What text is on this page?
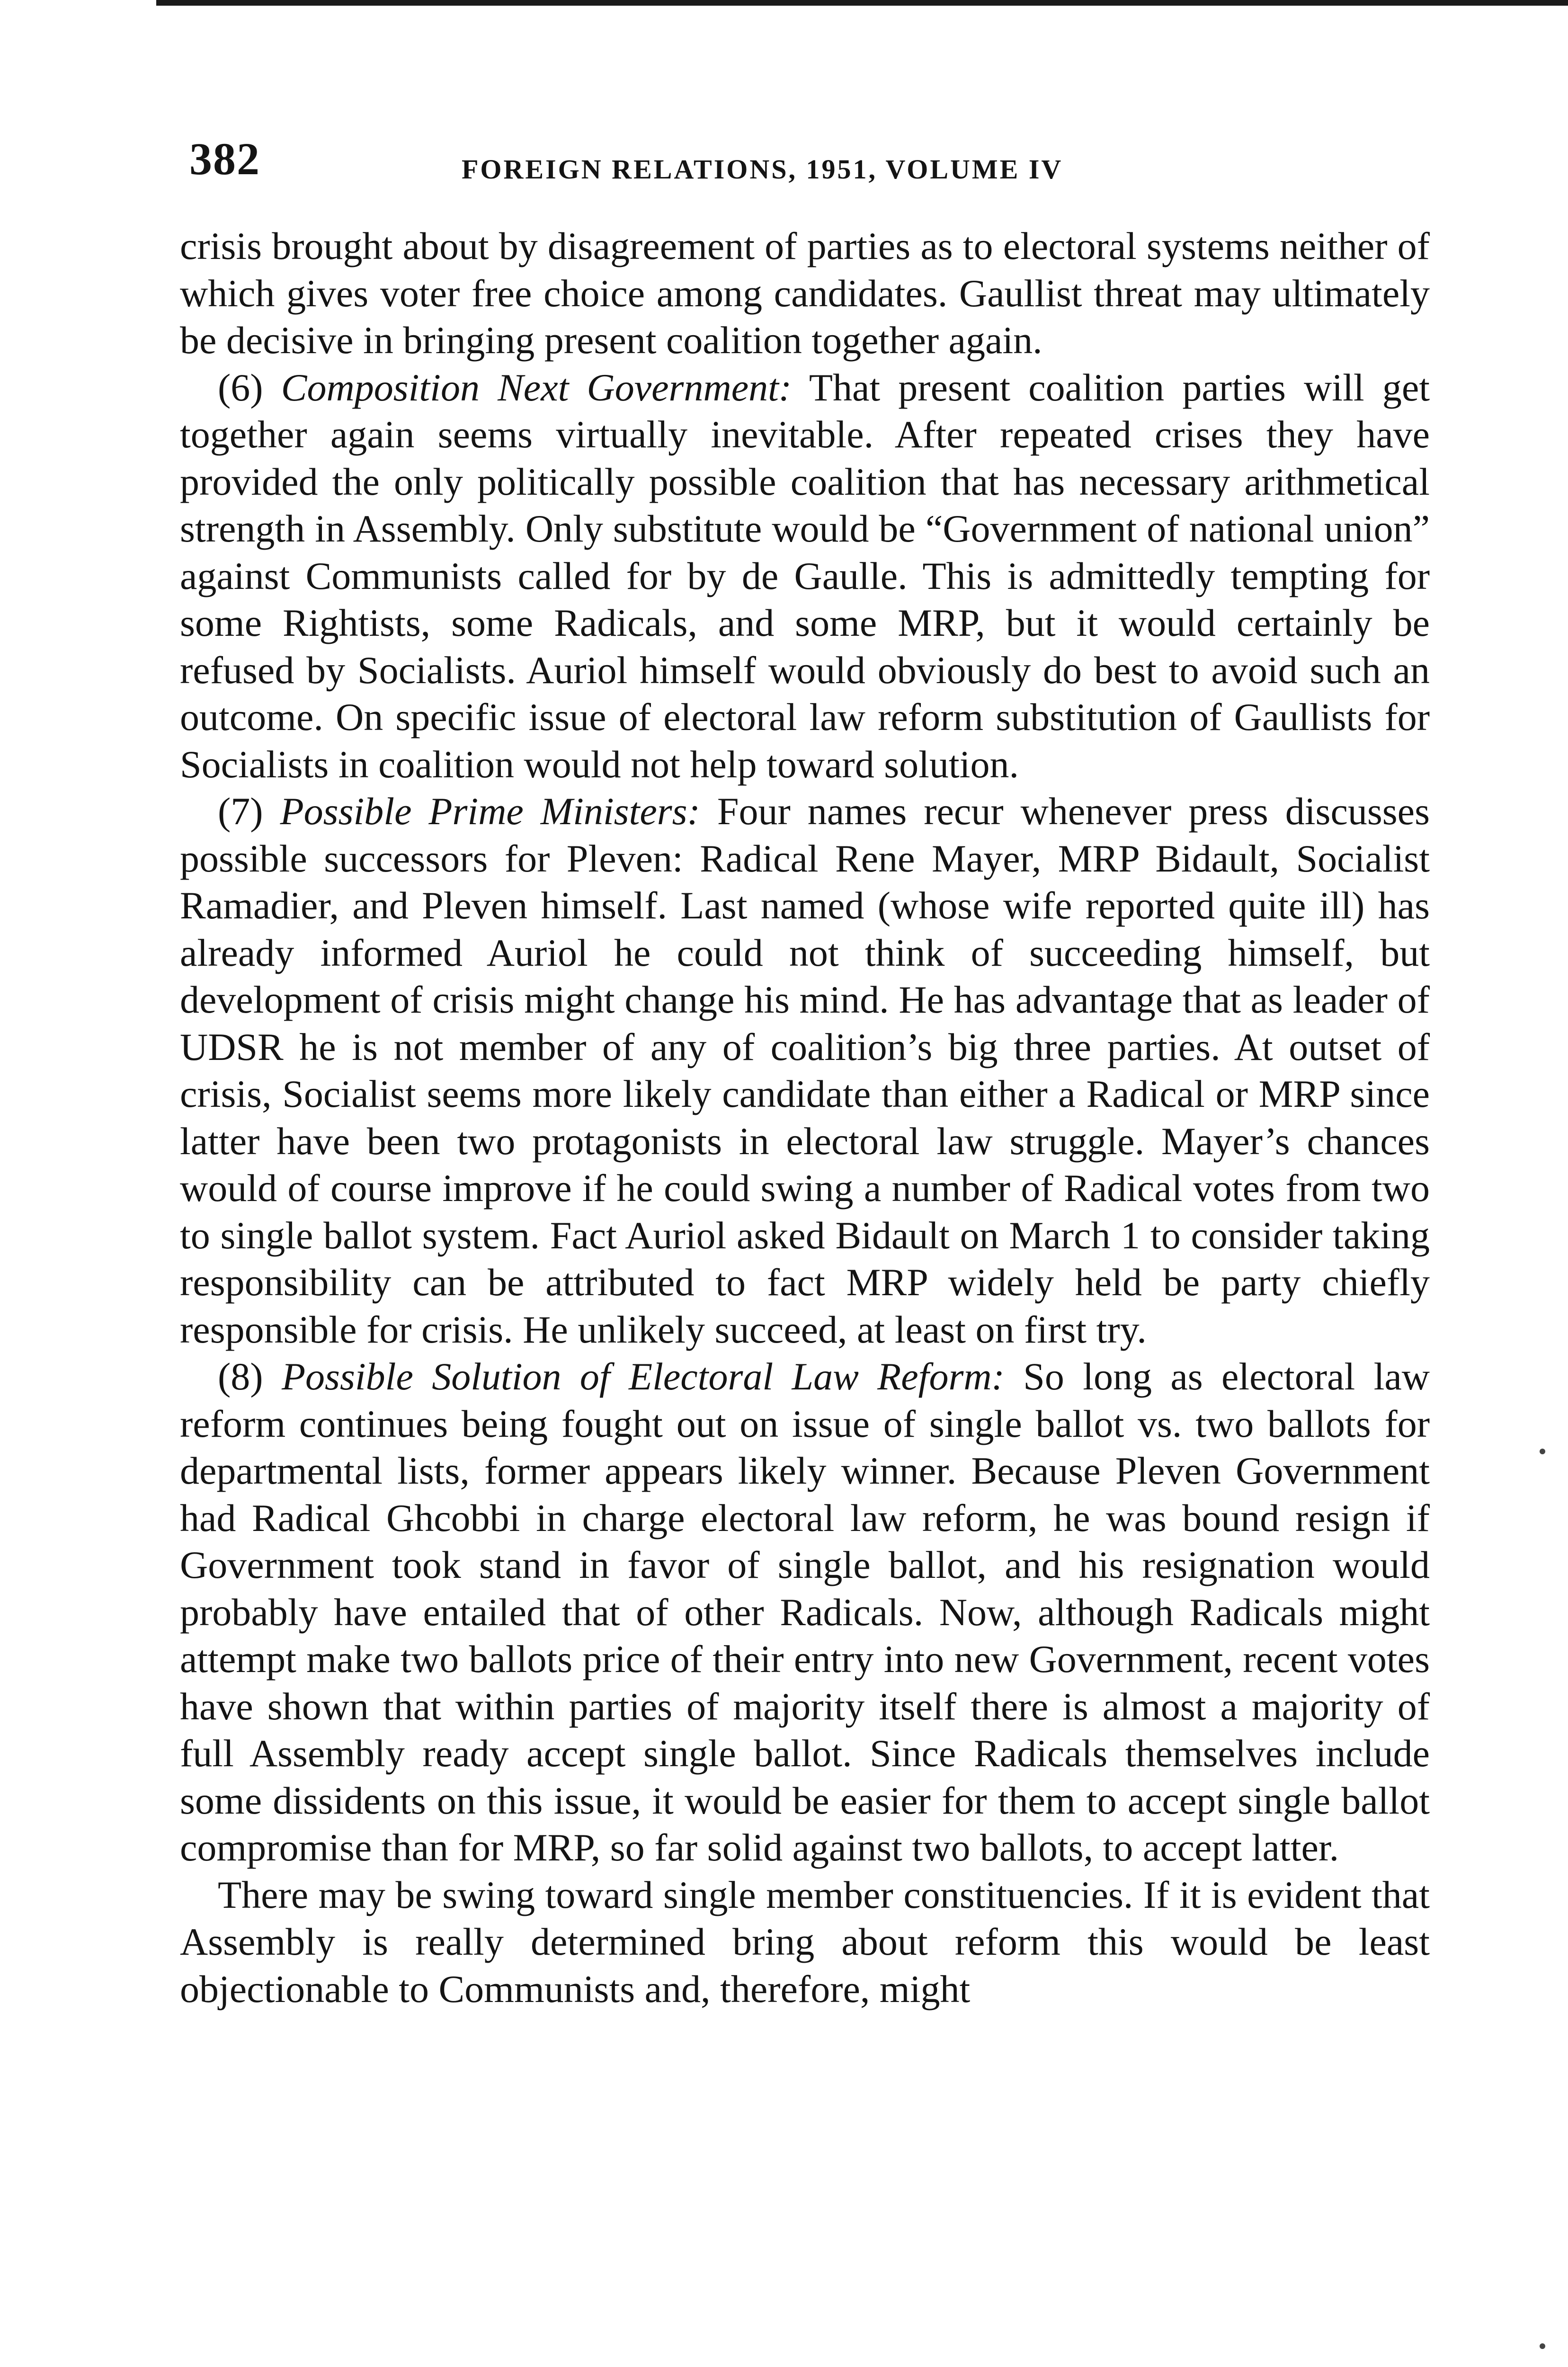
382	FOREIGN RELATIONS, 1951, VOLUME IV

crisis brought about by disagreement of parties as to electoral systems neither of which gives voter free choice among candidates. Gaullist threat may ultimately be decisive in bringing present coalition together again.

(6) Composition Next Government: That present coalition parties will get together again seems virtually inevitable. After repeated crises they have provided the only politically possible coalition that has necessary arithmetical strength in Assembly. Only substitute would be “Government of national union” against Communists called for by de Gaulle. This is admittedly tempting for some Rightists, some Radicals, and some MRP, but it would certainly be refused by Socialists. Auriol himself would obviously do best to avoid such an outcome. On specific issue of electoral law reform substitution of Gaullists for Socialists in coalition would not help toward solution.

(7) Possible Prime Ministers: Four names recur whenever press discusses possible successors for Pleven: Radical Rene Mayer, MRP Bidault, Socialist Ramadier, and Pleven himself. Last named (whose wife reported quite ill) has already informed Auriol he could not think of succeeding himself, but development of crisis might change his mind. He has advantage that as leader of UDSR he is not member of any of coalition’s big three parties. At outset of crisis, Socialist seems more likely candidate than either a Radical or MRP since latter have been two protagonists in electoral law struggle. Mayer’s chances would of course improve if he could swing a number of Radical votes from two to single ballot system. Fact Auriol asked Bidault on March 1 to consider taking responsibility can be attributed to fact MRP widely held be party chiefly responsible for crisis. He unlikely succeed, at least on first try.

(8) Possible Solution of Electoral Law Reform: So long as electoral law reform continues being fought out on issue of single ballot vs. two ballots for departmental lists, former appears likely winner. Because Pleven Government had Radical Ghcobbi in charge electoral law reform, he was bound resign if Government took stand in favor of single ballot, and his resignation would probably have entailed that of other Radicals. Now, although Radicals might attempt make two ballots price of their entry into new Government, recent votes have shown that within parties of majority itself there is almost a majority of full Assembly ready accept single ballot. Since Radicals themselves include some dissidents on this issue, it would be easier for them to accept single ballot compromise than for MRP, so far solid against two ballots, to accept latter.

There may be swing toward single member constituencies. If it is evident that Assembly is really determined bring about reform this would be least objectionable to Communists and, therefore, might
